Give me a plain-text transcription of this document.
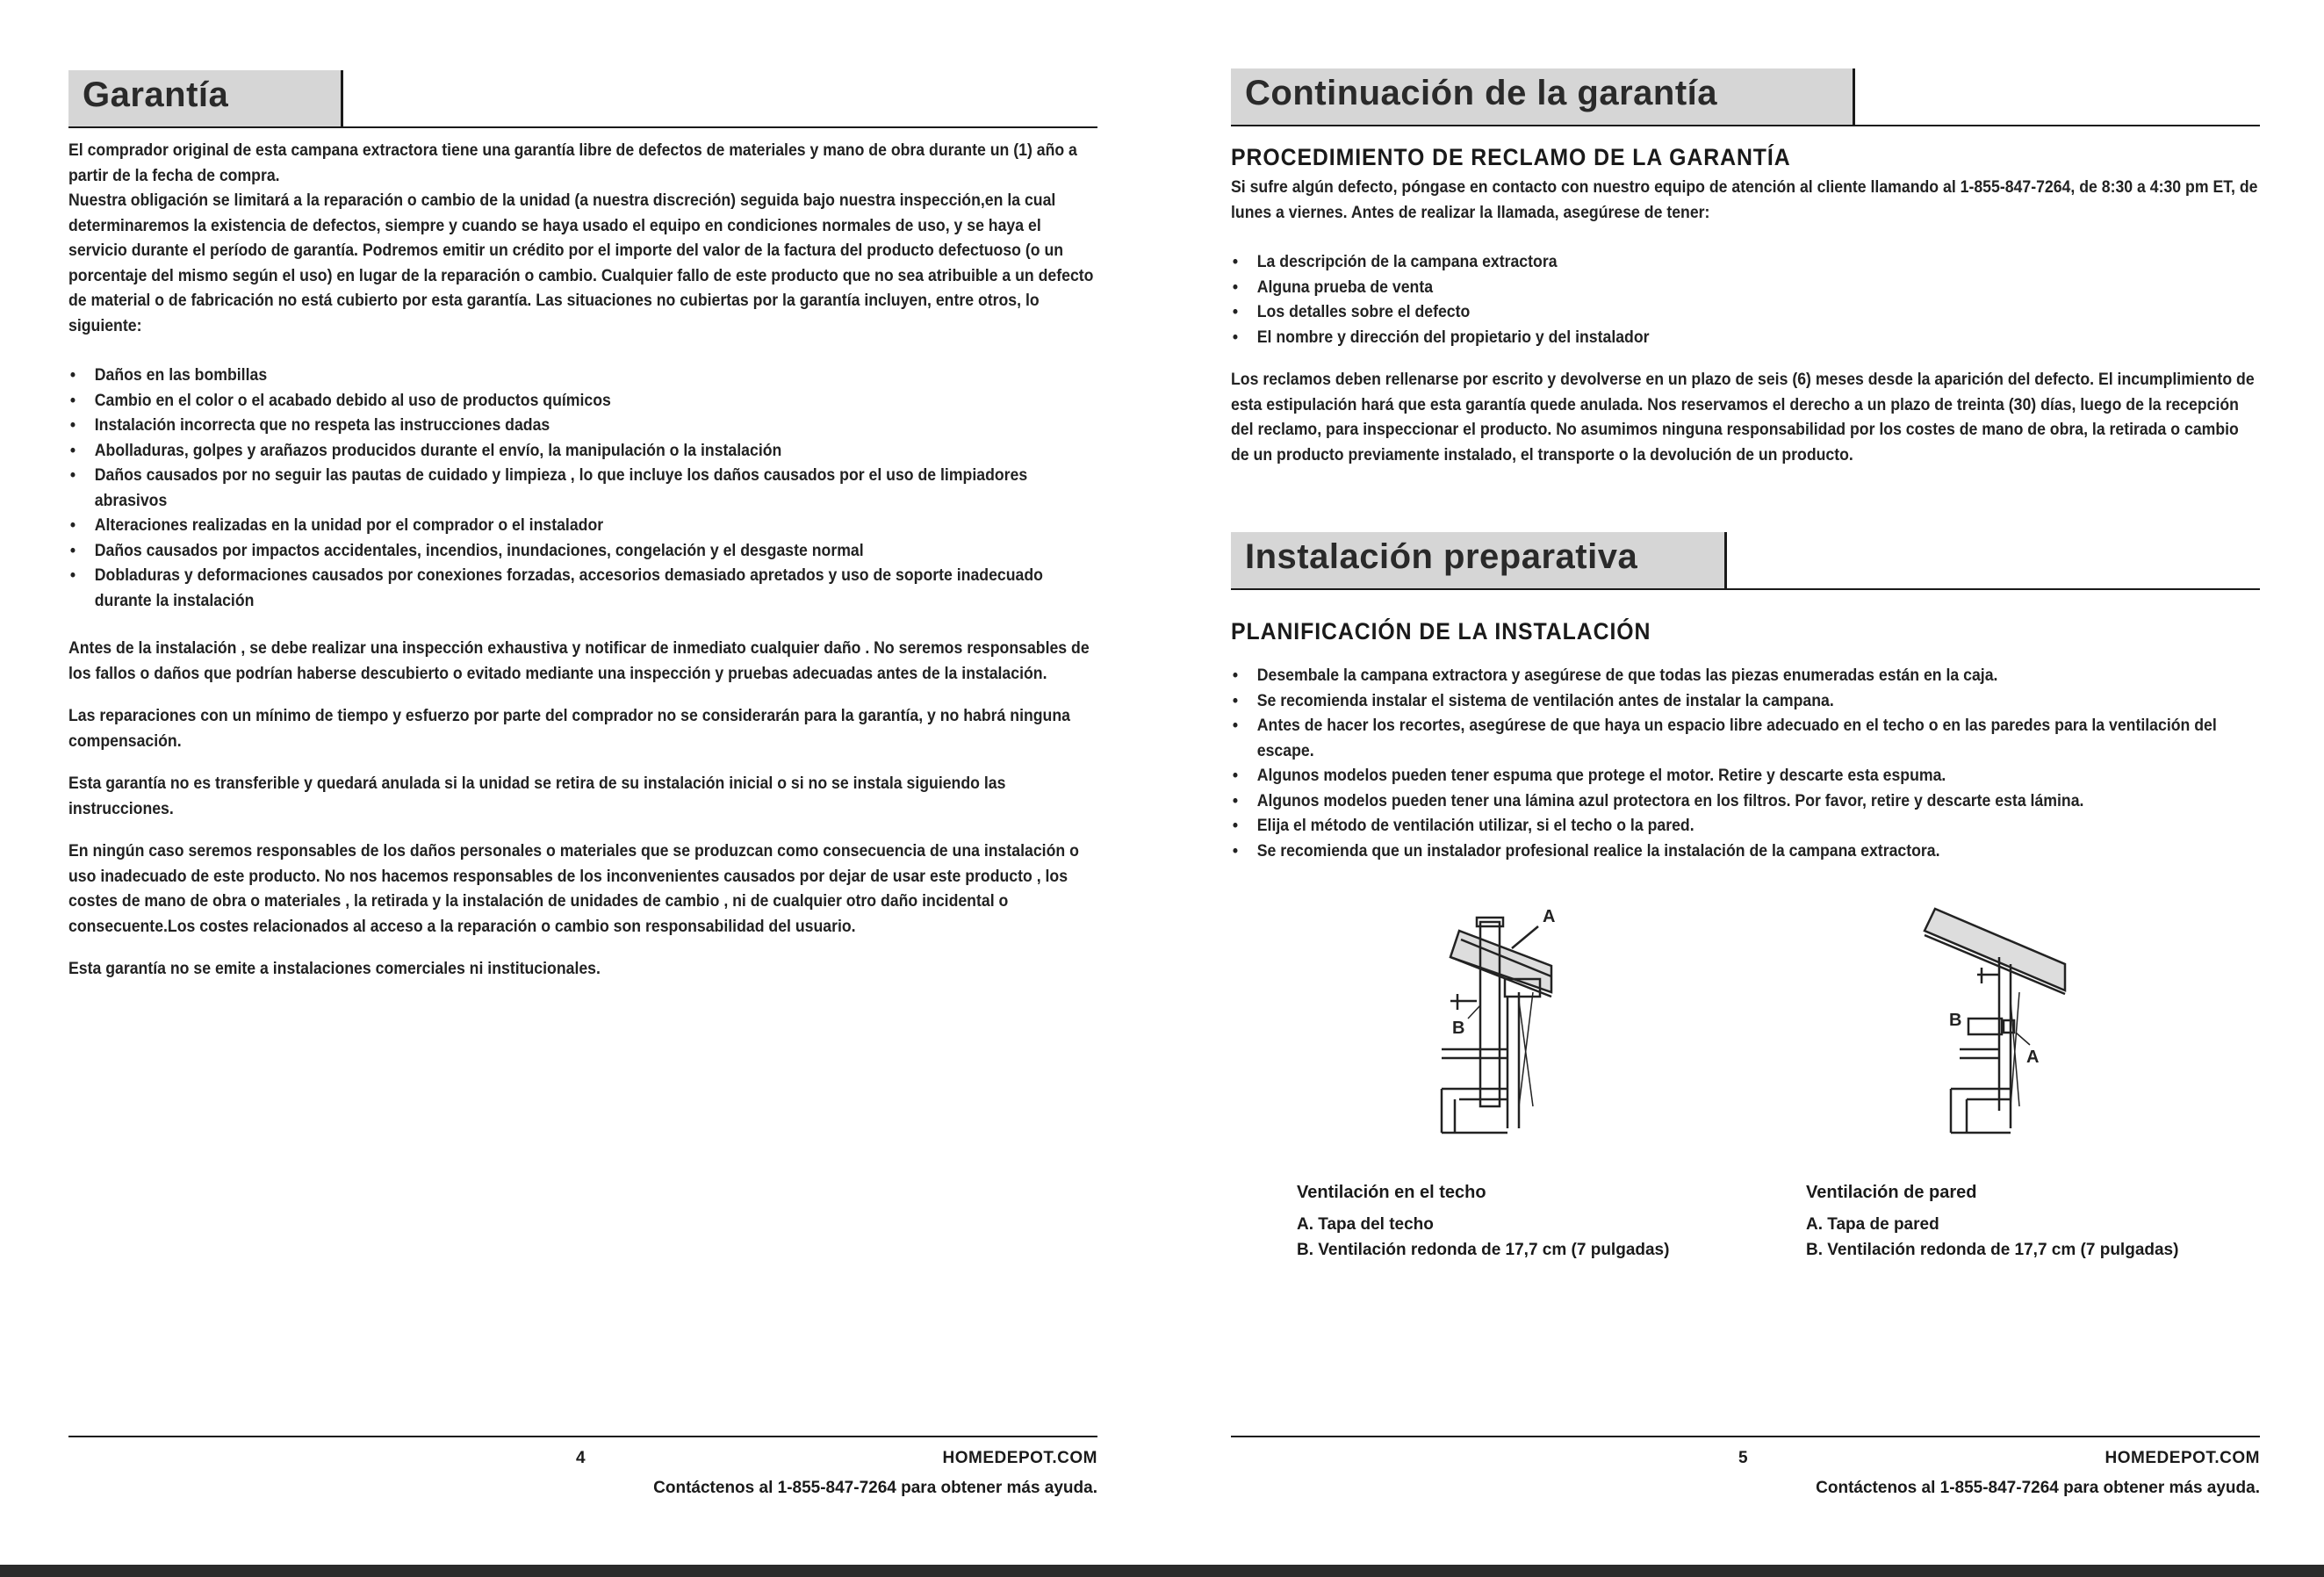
Garantía

El comprador original de esta campana extractora tiene una garantía libre de defectos de materiales y mano de obra durante un (1) año a partir de la fecha de compra.

Nuestra obligación se limitará a la reparación o cambio de la unidad (a nuestra discreción) seguida bajo nuestra inspección,en la cual determinaremos la existencia de defectos, siempre y cuando se haya usado el equipo en condiciones normales de uso, y se haya el servicio durante el período de garantía. Podremos emitir un crédito por el importe del valor de la factura del producto defectuoso (o un porcentaje del mismo según el uso) en lugar de la reparación o cambio. Cualquier fallo de este producto que no sea atribuible a un defecto de material o de fabricación no está cubierto por esta garantía. Las situaciones no cubiertas por la garantía incluyen, entre otros, lo siguiente:

• Daños en las bombillas
• Cambio en el color o el acabado debido al uso de productos químicos
• Instalación incorrecta que no respeta las instrucciones dadas
• Abolladuras, golpes y arañazos producidos durante el envío, la manipulación o la instalación
• Daños causados por no seguir las pautas de cuidado y limpieza , lo que incluye los daños causados por el uso de limpiadores abrasivos
• Alteraciones realizadas en la unidad por el comprador o el instalador
• Daños causados por impactos accidentales, incendios, inundaciones, congelación y el desgaste normal
• Dobladuras y deformaciones causados por conexiones forzadas, accesorios demasiado apretados y uso de soporte inadecuado durante la instalación

Antes de la instalación , se debe realizar una inspección exhaustiva y notificar de inmediato cualquier daño . No seremos responsables de los fallos o daños que podrían haberse descubierto o evitado mediante una inspección y pruebas adecuadas antes de la instalación.

Las reparaciones con un mínimo de tiempo y esfuerzo por parte del comprador no se considerarán para la garantía, y no habrá ninguna compensación.

Esta garantía no es transferible y quedará anulada si la unidad se retira de su instalación inicial o si no se instala siguiendo las instrucciones.

En ningún caso seremos responsables de los daños personales o materiales que se produzcan como consecuencia de una instalación o uso inadecuado de este producto. No nos hacemos responsables de los inconvenientes causados por dejar de usar este producto , los costes de mano de obra o materiales , la retirada y la instalación de unidades de cambio , ni de cualquier otro daño incidental o consecuente.Los costes relacionados al acceso a la reparación o cambio son responsabilidad del usuario.

Esta garantía no se emite a instalaciones comerciales ni institucionales.

4	HOMEDEPOT.COM
Contáctenos al 1-855-847-7264 para obtener más ayuda.
Continuación de la garantía
PROCEDIMIENTO DE RECLAMO DE LA GARANTÍA

Si sufre algún defecto, póngase en contacto con nuestro equipo de atención al cliente llamando al 1-855-847-7264, de 8:30 a 4:30 pm ET, de lunes a viernes. Antes de realizar la llamada, asegúrese de tener:

• La descripción de la campana extractora
• Alguna prueba de venta
• Los detalles sobre el defecto
• El nombre y dirección del propietario y del instalador

Los reclamos deben rellenarse por escrito y devolverse en un plazo de seis (6) meses desde la aparición del defecto. El incumplimiento de esta estipulación hará que esta garantía quede anulada. Nos reservamos el derecho a un plazo de treinta (30) días, luego de la recepción del reclamo, para inspeccionar el producto. No asumimos ninguna responsabilidad por los costes de mano de obra, la retirada o cambio de un producto previamente instalado, el transporte o la devolución de un producto.

Instalación preparativa
PLANIFICACIÓN DE LA INSTALACIÓN
• Desembale la campana extractora y asegúrese de que todas las piezas enumeradas están en la caja.
• Se recomienda instalar el sistema de ventilación antes de instalar la campana.
• Antes de hacer los recortes, asegúrese de que haya un espacio libre adecuado en el techo o en las paredes para la ventilación del escape.
• Algunos modelos pueden tener espuma que protege el motor. Retire y descarte esta espuma.
• Algunos modelos pueden tener una lámina azul protectora en los filtros. Por favor, retire y descarte esta lámina.
• Elija el método de ventilación utilizar, si el techo o la pared.
• Se recomienda que un instalador profesional realice la instalación de la campana extractora.
A
B	B
A
Ventilación en el techo
A. Tapa del techo
B. Ventilación redonda de 17,7 cm (7 pulgadas)
Ventilación de pared
A. Tapa de pared
B. Ventilación redonda de 17,7 cm (7 pulgadas)
5	HOMEDEPOT.COM
Contáctenos al 1-855-847-7264 para obtener más ayuda.
